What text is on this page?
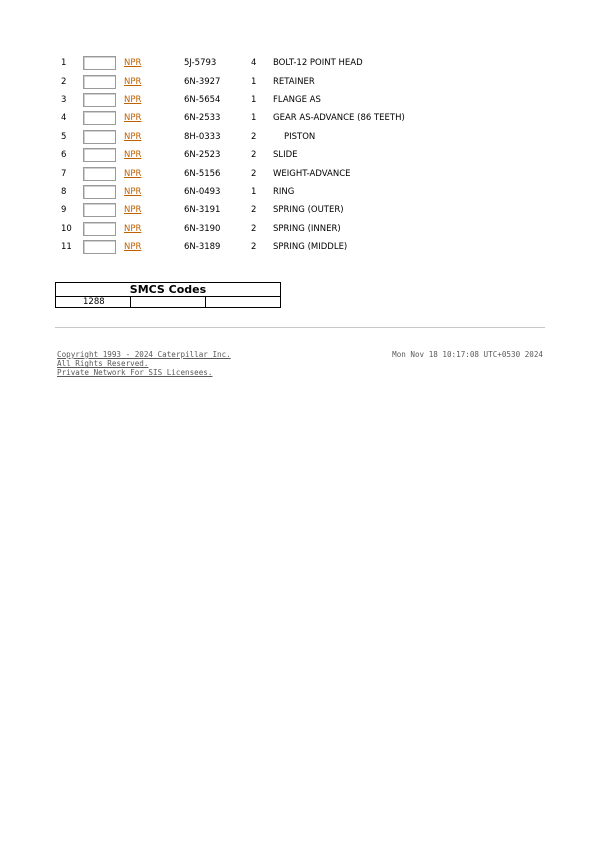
1	NPR	5J-5793	4 BOLT-12 POINT HEAD
2	NPR	6N-3927	1 RETAINER
3	NPR	6N-5654	1 FLANGE AS
4	NPR	6N-2533	1 GEAR AS-ADVANCE (86 TEETH)
5	NPR	8H-0333	2	PISTON
6	NPR	6N-2523	2 SLIDE
7	NPR	6N-5156	2 WEIGHT-ADVANCE
8	NPR	6N-0493	1 RING
9	NPR	6N-3191	2 SPRING (OUTER)
10	NPR	6N-3190	2 SPRING (INNER)
11	NPR	6N-3189	2 SPRING (MIDDLE)
SMCS Codes
1288		
Copyright 1993 - 2024 Caterpillar Inc.
All Rights Reserved.
Private Network For SIS Licensees.
Mon Nov 18 10:17:08 UTC+0530 2024
